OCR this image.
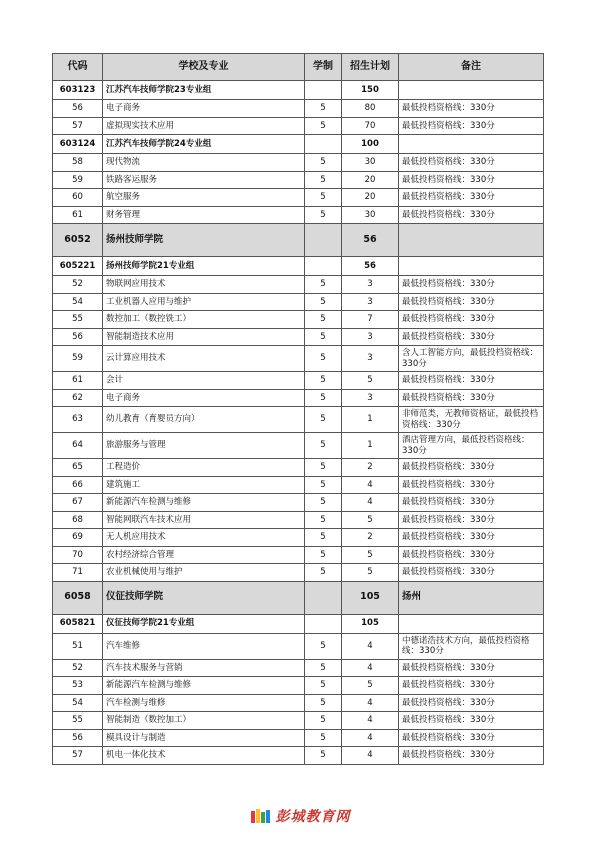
代码	学校及专业	学制	招生计划	备注
603123	江苏汽车技师学院23专业组		150	
56	电子商务	5	80	最低投档资格线：330分
57	虚拟现实技术应用	5	70	最低投档资格线：330分
603124	江苏汽车技师学院24专业组		100	
58	现代物流	5	30	最低投档资格线：330分
59	铁路客运服务	5	20	最低投档资格线：330分
60	航空服务	5	20	最低投档资格线：330分
61	财务管理	5	30	最低投档资格线：330分
6052	扬州技师学院		56	
605221	扬州技师学院21专业组		56	
52	物联网应用技术	5	3	最低投档资格线：330分
54	工业机器人应用与维护	5	3	最低投档资格线：330分
55	数控加工（数控铣工）	5	7	最低投档资格线：330分
56	智能制造技术应用	5	3	最低投档资格线：330分
59	云计算应用技术	5	3	含人工智能方向，最低投档资格线：330分
61	会计	5	5	最低投档资格线：330分
62	电子商务	5	3	最低投档资格线：330分
63	幼儿教育（育婴员方向）	5	1	非师范类，无教师资格证，最低投档资格线：330分
64	旅游服务与管理	5	1	酒店管理方向，最低投档资格线：330分
65	工程造价	5	2	最低投档资格线：330分
66	建筑施工	5	4	最低投档资格线：330分
67	新能源汽车检测与维修	5	4	最低投档资格线：330分
68	智能网联汽车技术应用	5	5	最低投档资格线：330分
69	无人机应用技术	5	2	最低投档资格线：330分
70	农村经济综合管理	5	5	最低投档资格线：330分
71	农业机械使用与维护	5	5	最低投档资格线：330分
6058	仪征技师学院		105	扬州
605821	仪征技师学院21专业组		105	
51	汽车维修	5	4	中德诺浩技术方向，最低投档资格线：330分
52	汽车技术服务与营销	5	4	最低投档资格线：330分
53	新能源汽车检测与维修	5	5	最低投档资格线：330分
54	汽车检测与维修	5	4	最低投档资格线：330分
55	智能制造（数控加工）	5	4	最低投档资格线：330分
56	模具设计与制造	5	4	最低投档资格线：330分
57	机电一体化技术	5	4	最低投档资格线：330分
彭城教育网
